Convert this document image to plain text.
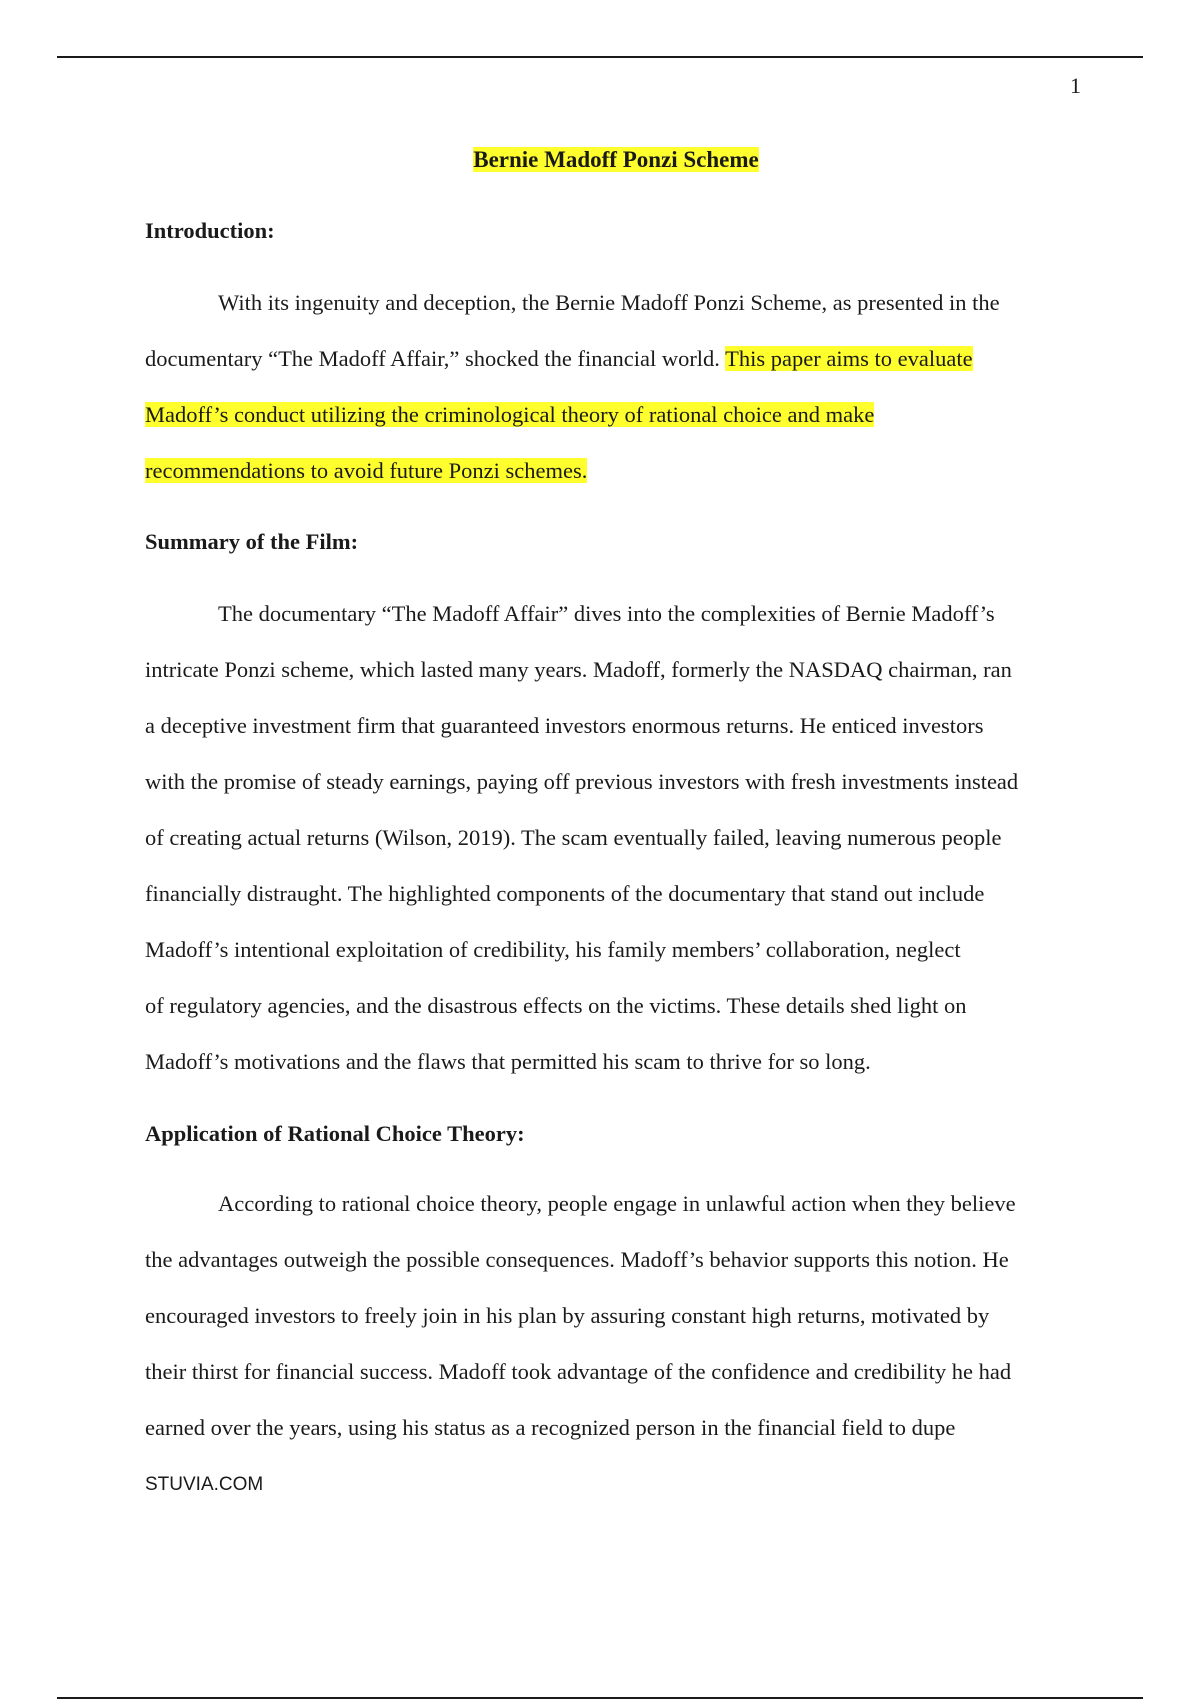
1
Bernie Madoff Ponzi Scheme
Introduction:
With its ingenuity and deception, the Bernie Madoff Ponzi Scheme, as presented in the
documentary “The Madoff Affair,” shocked the financial world. This paper aims to evaluate
Madoff’s conduct utilizing the criminological theory of rational choice and make
recommendations to avoid future Ponzi schemes.
Summary of the Film:
The documentary “The Madoff Affair” dives into the complexities of Bernie Madoff’s
intricate Ponzi scheme, which lasted many years. Madoff, formerly the NASDAQ chairman, ran
a deceptive investment firm that guaranteed investors enormous returns. He enticed investors
with the promise of steady earnings, paying off previous investors with fresh investments instead
of creating actual returns (Wilson, 2019). The scam eventually failed, leaving numerous people
financially distraught. The highlighted components of the documentary that stand out include
Madoff’s intentional exploitation of credibility, his family members’ collaboration, neglect
of regulatory agencies, and the disastrous effects on the victims. These details shed light on
Madoff’s motivations and the flaws that permitted his scam to thrive for so long.
Application of Rational Choice Theory:
According to rational choice theory, people engage in unlawful action when they believe
the advantages outweigh the possible consequences. Madoff’s behavior supports this notion. He
encouraged investors to freely join in his plan by assuring constant high returns, motivated by
their thirst for financial success. Madoff took advantage of the confidence and credibility he had
earned over the years, using his status as a recognized person in the financial field to dupe
STUVIA.COM
